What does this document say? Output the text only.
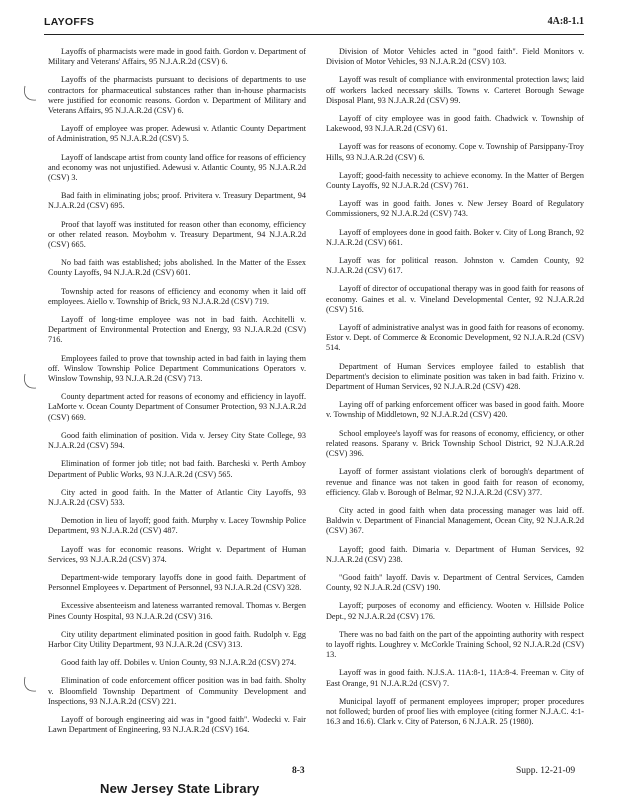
LAYOFFS	4A:8-1.1

Layoffs of pharmacists were made in good faith. Gordon v. Department of Military and Veterans' Affairs, 95 N.J.A.R.2d (CSV) 6.

Layoffs of the pharmacists pursuant to decisions of departments to use contractors for pharmaceutical substances rather than in-house pharmacists were justified for economic reasons. Gordon v. Department of Military and Veterans Affairs, 95 N.J.A.R.2d (CSV) 6.

Layoff of employee was proper. Adewusi v. Atlantic County Department of Administration, 95 N.J.A.R.2d (CSV) 5.

Layoff of landscape artist from county land office for reasons of efficiency and economy was not unjustified. Adewusi v. Atlantic County, 95 N.J.A.R.2d (CSV) 3.

Bad faith in eliminating jobs; proof. Privitera v. Treasury Department, 94 N.J.A.R.2d (CSV) 695.

Proof that layoff was instituted for reason other than economy, efficiency or other related reason. Moybohm v. Treasury Department, 94 N.J.A.R.2d (CSV) 665.

No bad faith was established; jobs abolished. In the Matter of the Essex County Layoffs, 94 N.J.A.R.2d (CSV) 601.

Township acted for reasons of efficiency and economy when it laid off employees. Aiello v. Township of Brick, 93 N.J.A.R.2d (CSV) 719.

Layoff of long-time employee was not in bad faith. Acchitelli v. Department of Environmental Protection and Energy, 93 N.J.A.R.2d (CSV) 716.

Employees failed to prove that township acted in bad faith in laying them off. Winslow Township Police Department Communications Operators v. Winslow Township, 93 N.J.A.R.2d (CSV) 713.

County department acted for reasons of economy and efficiency in layoff. LaMorte v. Ocean County Department of Consumer Protection, 93 N.J.A.R.2d (CSV) 669.

Good faith elimination of position. Vida v. Jersey City State College, 93 N.J.A.R.2d (CSV) 594.

Elimination of former job title; not bad faith. Barcheski v. Perth Amboy Department of Public Works, 93 N.J.A.R.2d (CSV) 565.

City acted in good faith. In the Matter of Atlantic City Layoffs, 93 N.J.A.R.2d (CSV) 533.

Demotion in lieu of layoff; good faith. Murphy v. Lacey Township Police Department, 93 N.J.A.R.2d (CSV) 487.

Layoff was for economic reasons. Wright v. Department of Human Services, 93 N.J.A.R.2d (CSV) 374.

Department-wide temporary layoffs done in good faith. Department of Personnel Employees v. Department of Personnel, 93 N.J.A.R.2d (CSV) 328.

Excessive absenteeism and lateness warranted removal. Thomas v. Bergen Pines County Hospital, 93 N.J.A.R.2d (CSV) 316.

City utility department eliminated position in good faith. Rudolph v. Egg Harbor City Utility Department, 93 N.J.A.R.2d (CSV) 313.

Good faith lay off. Dobiles v. Union County, 93 N.J.A.R.2d (CSV) 274.

Elimination of code enforcement officer position was in bad faith. Sholty v. Bloomfield Township Department of Community Development and Inspections, 93 N.J.A.R.2d (CSV) 221.

Layoff of borough engineering aid was in "good faith". Wodecki v. Fair Lawn Department of Engineering, 93 N.J.A.R.2d (CSV) 164.

Division of Motor Vehicles acted in "good faith". Field Monitors v. Division of Motor Vehicles, 93 N.J.A.R.2d (CSV) 103.

Layoff was result of compliance with environmental protection laws; laid off workers lacked necessary skills. Towns v. Carteret Borough Sewage Disposal Plant, 93 N.J.A.R.2d (CSV) 99.

Layoff of city employee was in good faith. Chadwick v. Township of Lakewood, 93 N.J.A.R.2d (CSV) 61.

Layoff was for reasons of economy. Cope v. Township of Parsippany-Troy Hills, 93 N.J.A.R.2d (CSV) 6.

Layoff; good-faith necessity to achieve economy. In the Matter of Bergen County Layoffs, 92 N.J.A.R.2d (CSV) 761.

Layoff was in good faith. Jones v. New Jersey Board of Regulatory Commissioners, 92 N.J.A.R.2d (CSV) 743.

Layoff of employees done in good faith. Boker v. City of Long Branch, 92 N.J.A.R.2d (CSV) 661.

Layoff was for political reason. Johnston v. Camden County, 92 N.J.A.R.2d (CSV) 617.

Layoff of director of occupational therapy was in good faith for reasons of economy. Gaines et al. v. Vineland Developmental Center, 92 N.J.A.R.2d (CSV) 516.

Layoff of administrative analyst was in good faith for reasons of economy. Estor v. Dept. of Commerce & Economic Development, 92 N.J.A.R.2d (CSV) 514.

Department of Human Services employee failed to establish that Department's decision to eliminate position was taken in bad faith. Frizino v. Department of Human Services, 92 N.J.A.R.2d (CSV) 428.

Laying off of parking enforcement officer was based in good faith. Moore v. Township of Middletown, 92 N.J.A.R.2d (CSV) 420.

School employee's layoff was for reasons of economy, efficiency, or other related reasons. Sparany v. Brick Township School District, 92 N.J.A.R.2d (CSV) 396.

Layoff of former assistant violations clerk of borough's department of revenue and finance was not taken in good faith for reason of economy, efficiency. Glab v. Borough of Belmar, 92 N.J.A.R.2d (CSV) 377.

City acted in good faith when data processing manager was laid off. Baldwin v. Department of Financial Management, Ocean City, 92 N.J.A.R.2d (CSV) 367.

Layoff; good faith. Dimaria v. Department of Human Services, 92 N.J.A.R.2d (CSV) 238.

"Good faith" layoff. Davis v. Department of Central Services, Camden County, 92 N.J.A.R.2d (CSV) 190.

Layoff; purposes of economy and efficiency. Wooten v. Hillside Police Dept., 92 N.J.A.R.2d (CSV) 176.

There was no bad faith on the part of the appointing authority with respect to layoff rights. Loughrey v. McCorkle Training School, 92 N.J.A.R.2d (CSV) 13.

Layoff was in good faith. N.J.S.A. 11A:8-1, 11A:8-4. Freeman v. City of East Orange, 91 N.J.A.R.2d (CSV) 7.

Municipal layoff of permanent employees improper; proper procedures not followed; burden of proof lies with employee (citing former N.J.A.C. 4:1-16.3 and 16.6). Clark v. City of Paterson, 6 N.J.A.R. 25 (1980).

8-3	Supp. 12-21-09
New Jersey State Library
